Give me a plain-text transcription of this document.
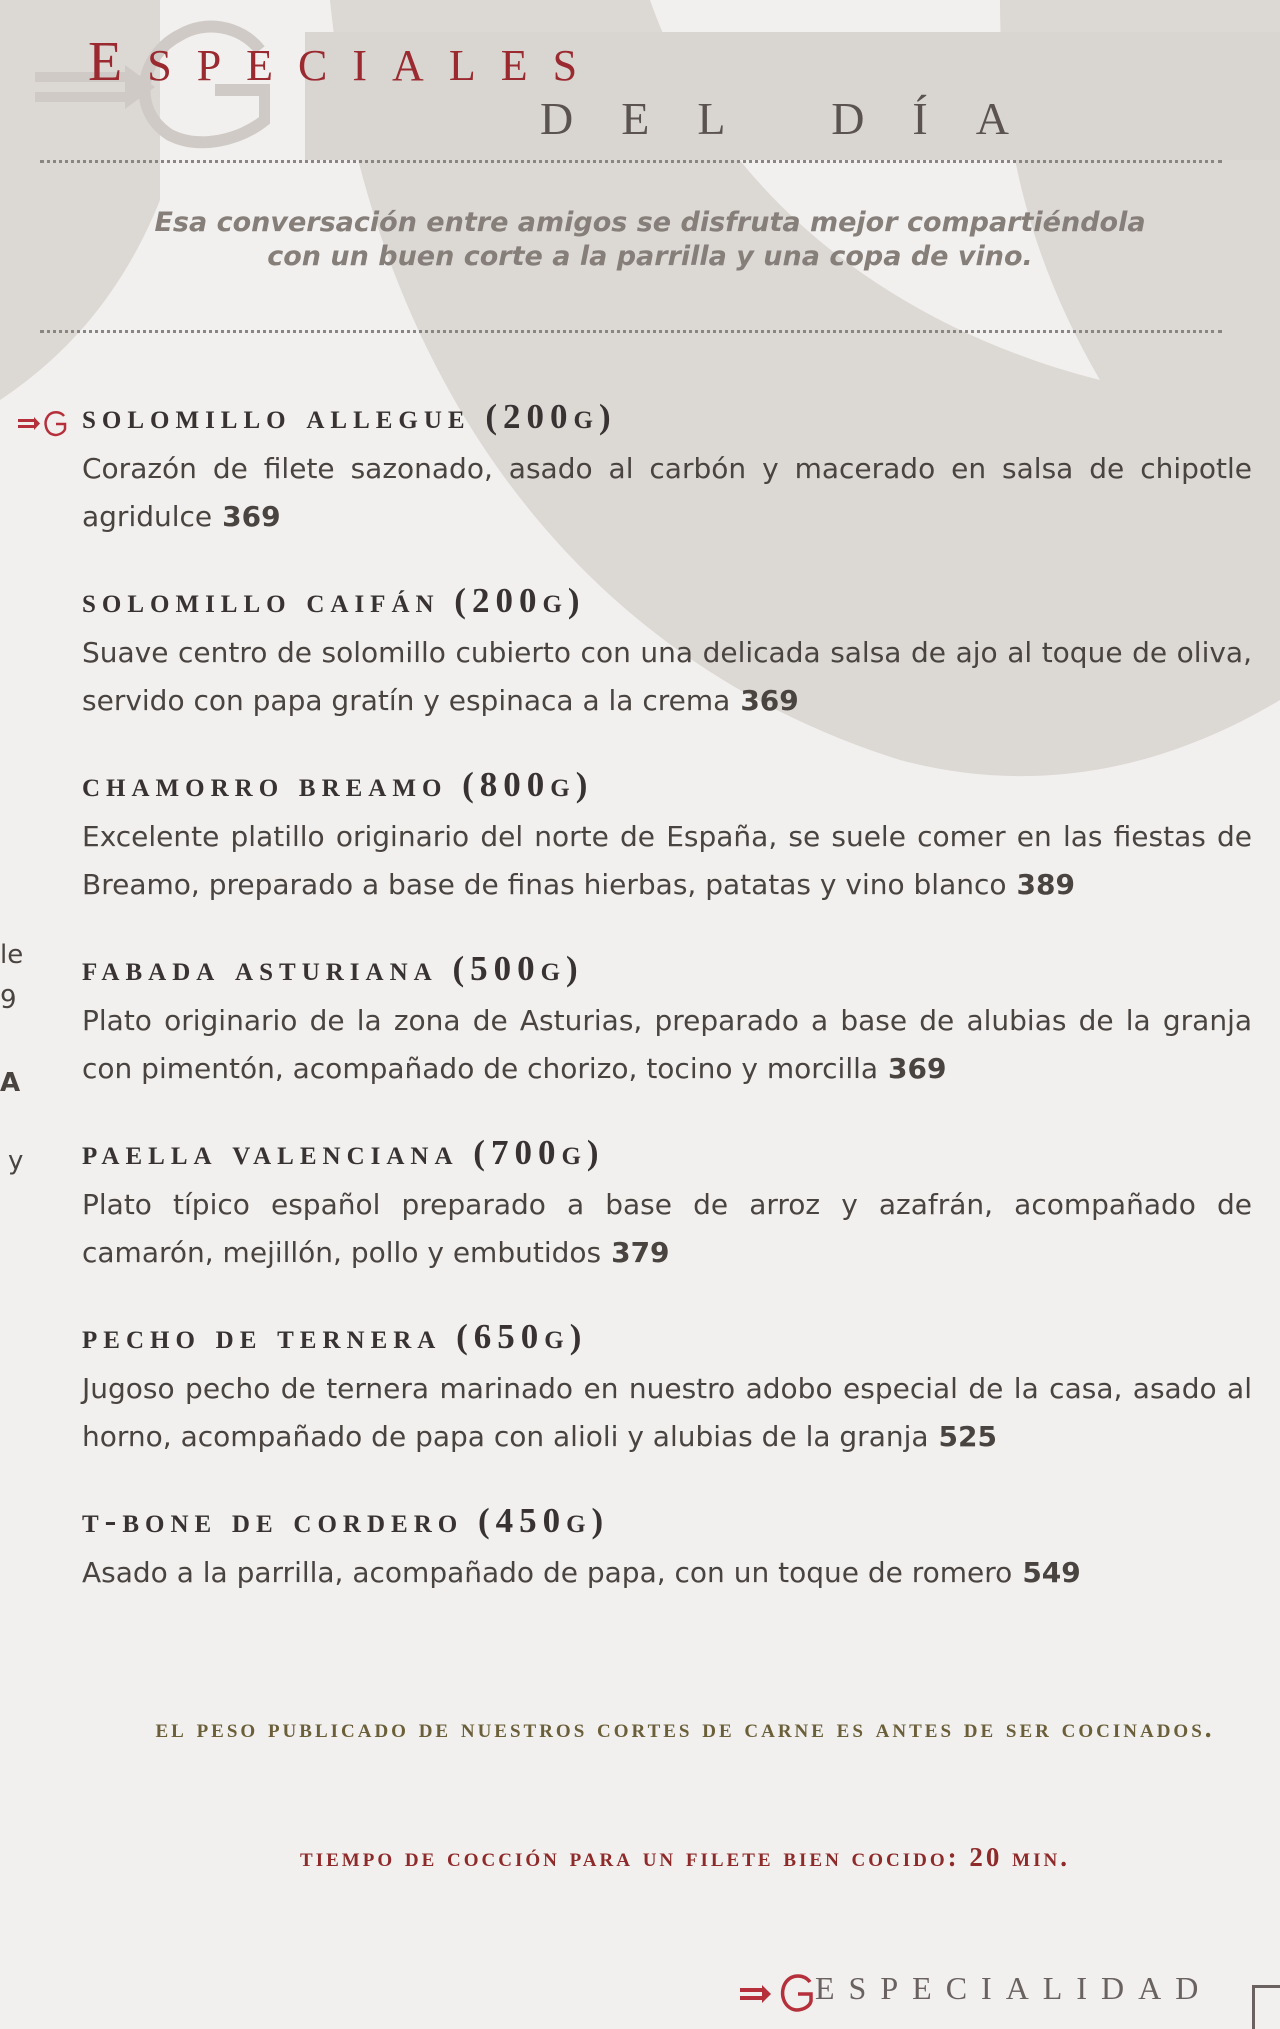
ESPECIALES
DEL DÍA

Esa conversación entre amigos se disfruta mejor compartiéndola

con un buen corte a la parrilla y una copa de vino.

le
9
A
y
solomillo allegue (200g)

Corazón de filete sazonado, asado al carbón y macerado en salsa de chipotle agridulce 369

solomillo caifán (200g)

Suave centro de solomillo cubierto con una delicada salsa de ajo al toque de oliva, servido con papa gratín y espinaca a la crema 369

chamorro breamo (800g)

Excelente platillo originario del norte de España, se suele comer en las fiestas de Breamo, preparado a base de finas hierbas, patatas y vino blanco 389

fabada asturiana (500g)

Plato originario de la zona de Asturias, preparado a base de alubias de la granja con pimentón, acompañado de chorizo, tocino y morcilla 369

paella valenciana (700g)

Plato típico español preparado a base de arroz y azafrán, acompañado de camarón, mejillón, pollo y embutidos 379

pecho de ternera (650g)

Jugoso pecho de ternera marinado en nuestro adobo especial de la casa, asado al horno, acompañado de papa con alioli y alubias de la granja 525

t-bone de cordero (450g)

Asado a la parrilla, acompañado de papa, con un toque de romero 549

el peso publicado de nuestros cortes de carne es antes de ser cocinados.

tiempo de cocción para un filete bien cocido: 20 min.

ESPECIALIDAD
